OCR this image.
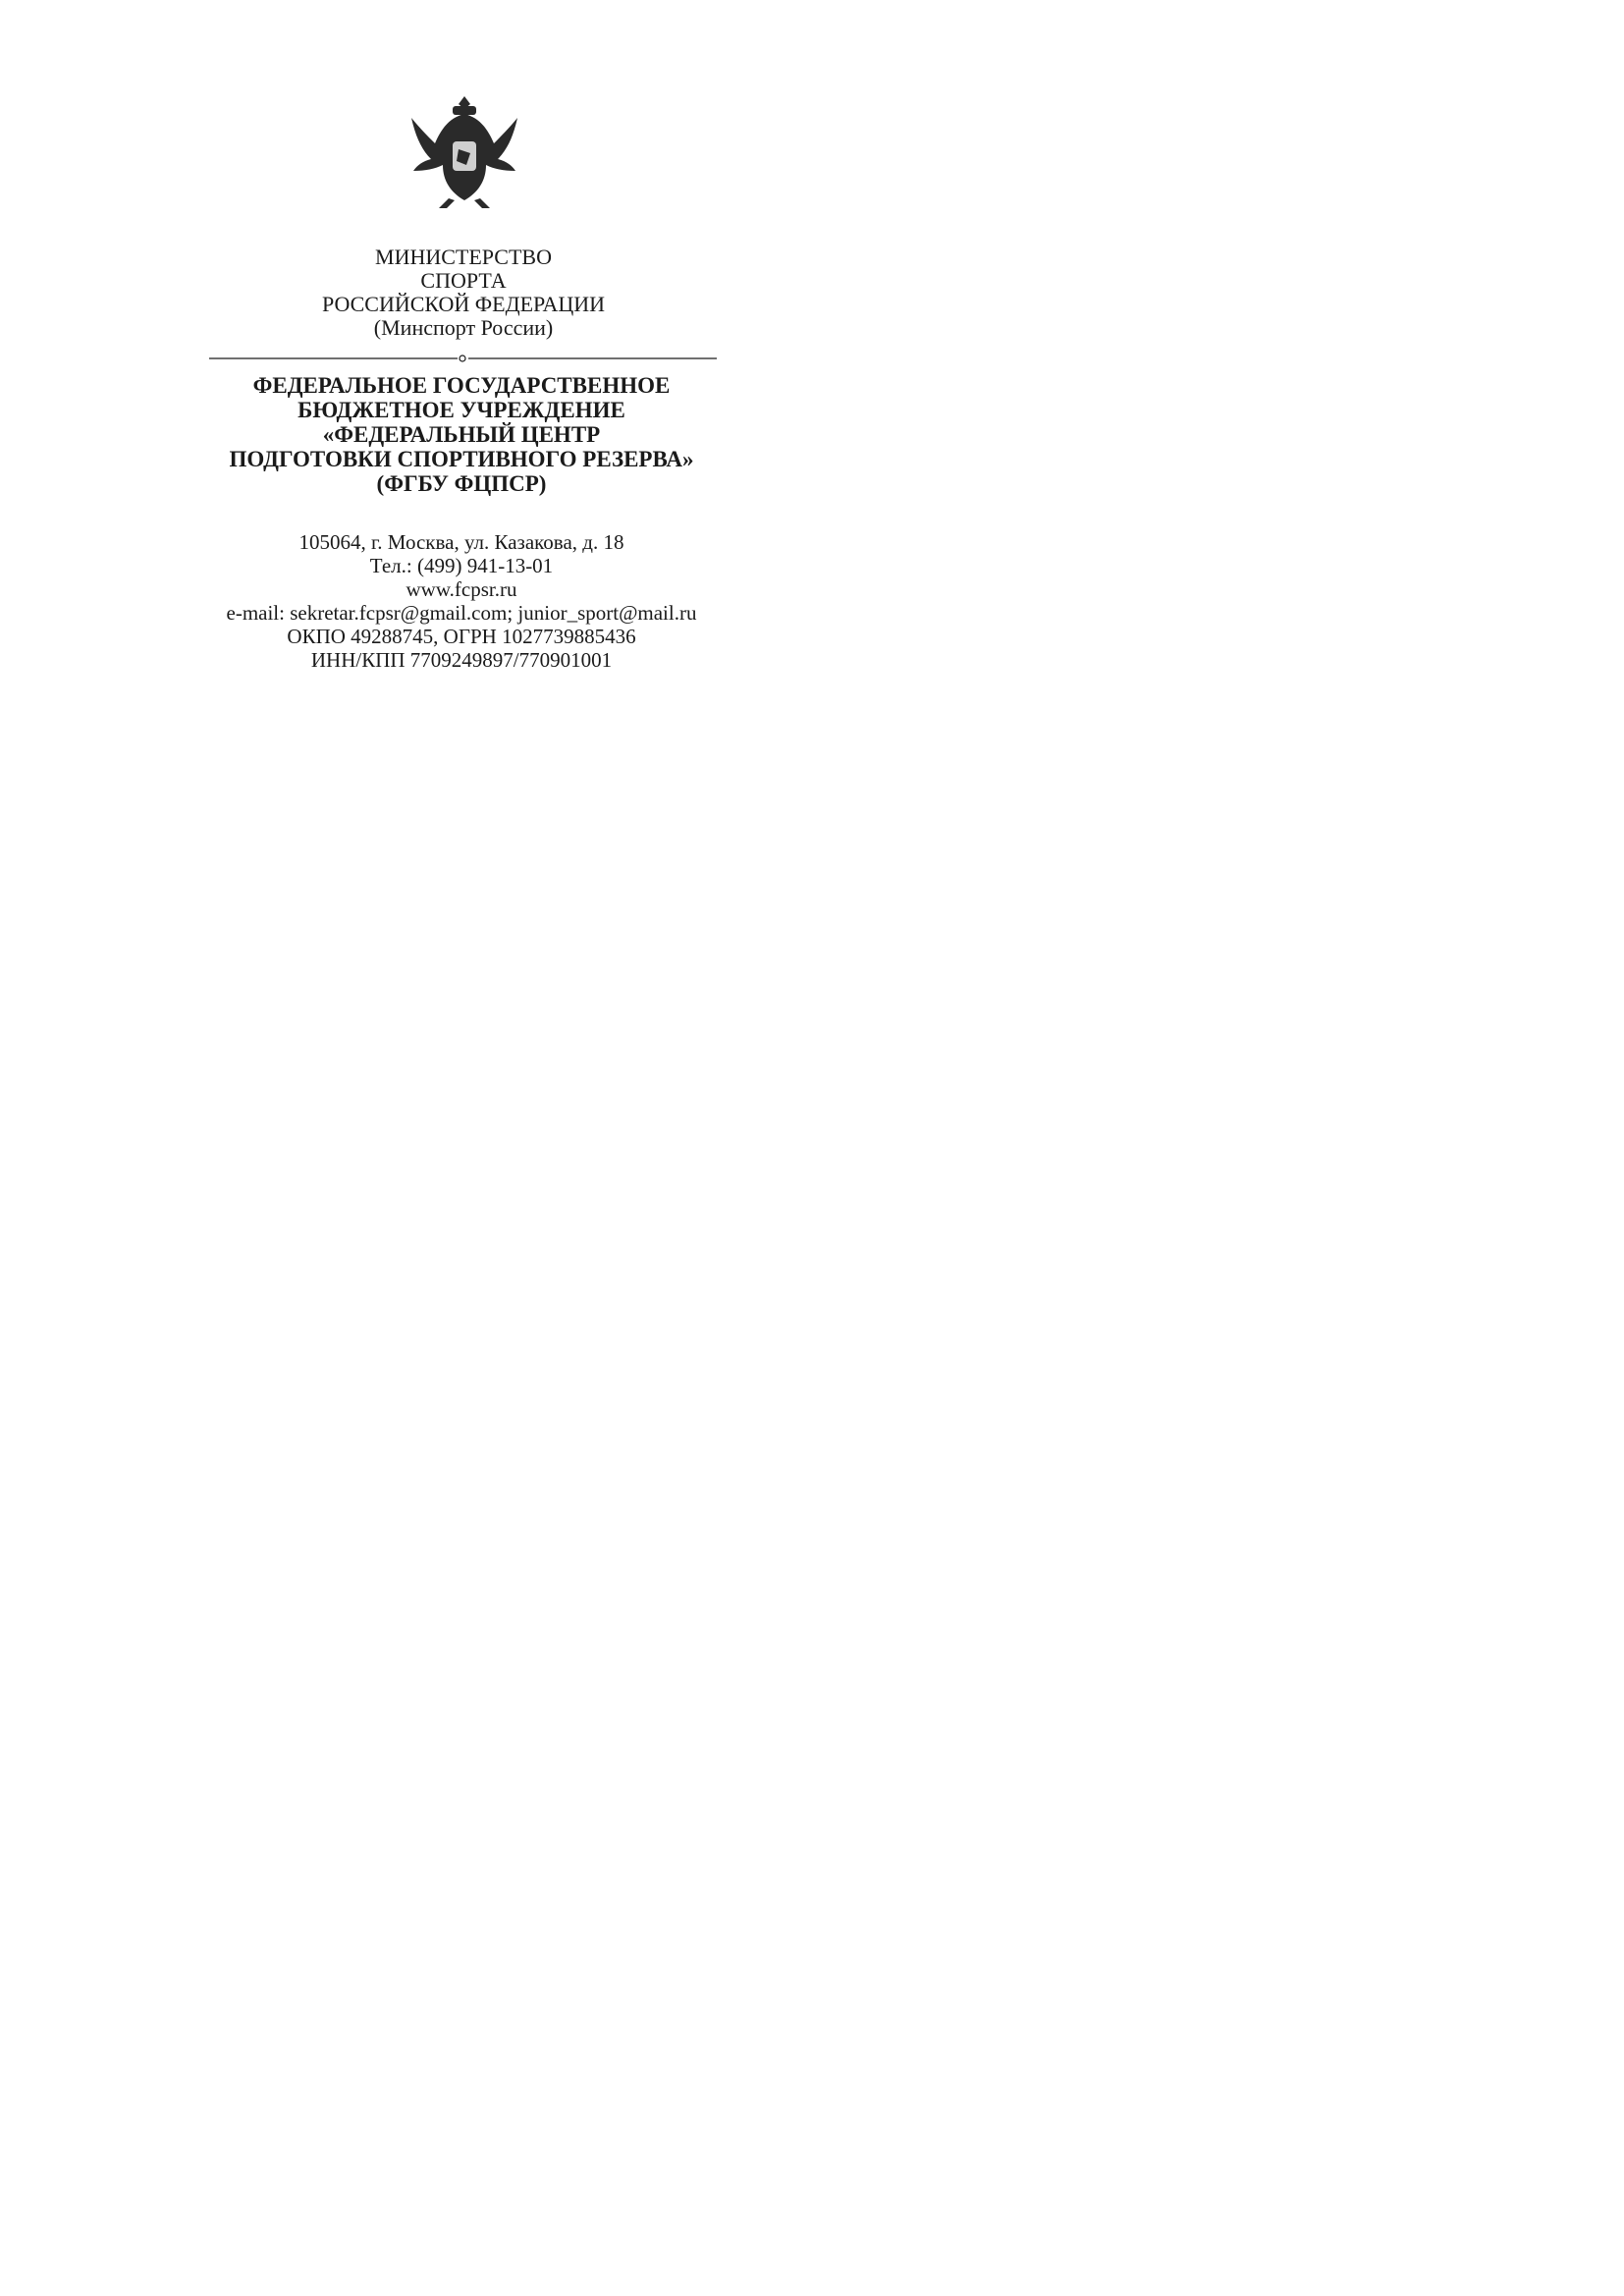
МИНИСТЕРСТВО
СПОРТА
РОССИЙСКОЙ ФЕДЕРАЦИИ
(Минспорт России)
ФЕДЕРАЛЬНОЕ ГОСУДАРСТВЕННОЕ
БЮДЖЕТНОЕ УЧРЕЖДЕНИЕ
«ФЕДЕРАЛЬНЫЙ ЦЕНТР
ПОДГОТОВКИ СПОРТИВНОГО РЕЗЕРВА»
(ФГБУ ФЦПСР)
105064, г. Москва, ул. Казакова, д. 18
Тел.: (499) 941-13-01
www.fcpsr.ru
e-mail: sekretar.fcpsr@gmail.com; junior_sport@mail.ru
ОКПО 49288745, ОГРН 1027739885436
ИНН/КПП 7709249897/770901001
